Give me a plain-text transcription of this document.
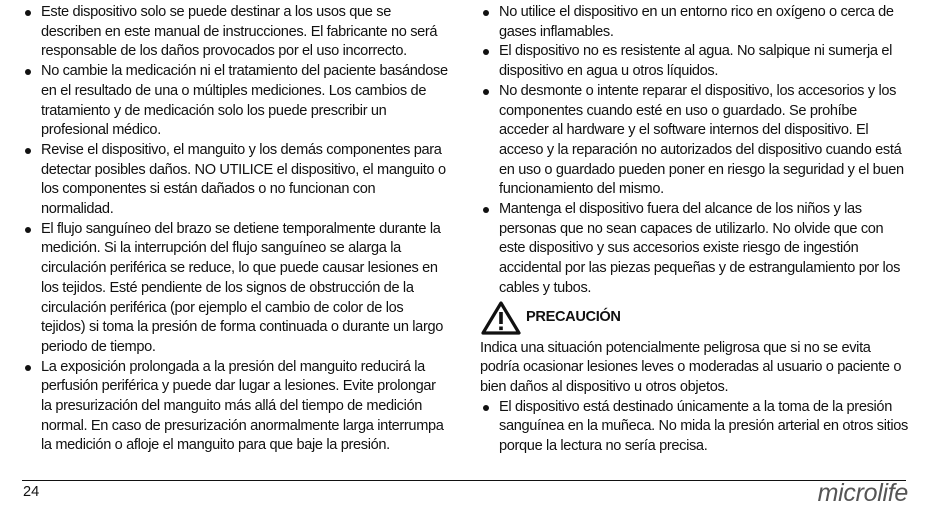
Este dispositivo solo se puede destinar a los usos que se describen en este manual de instrucciones. El fabricante no será responsable de los daños provocados por el uso incorrecto.
No cambie la medicación ni el tratamiento del paciente basándose en el resultado de una o múltiples mediciones. Los cambios de tratamiento y de medicación solo los puede prescribir un profesional médico.
Revise el dispositivo, el manguito y los demás componentes para detectar posibles daños. NO UTILICE el dispositivo, el manguito o los componentes si están dañados o no funcionan con normalidad.
El flujo sanguíneo del brazo se detiene temporalmente durante la medición. Si la interrupción del flujo sanguíneo se alarga la circulación periférica se reduce, lo que puede causar lesiones en los tejidos. Esté pendiente de los signos de obstrucción de la circulación periférica (por ejemplo el cambio de color de los tejidos) si toma la presión de forma continuada o durante un largo periodo de tiempo.
La exposición prolongada a la presión del manguito reducirá la perfusión periférica y puede dar lugar a lesiones. Evite prolongar la presurización del manguito más allá del tiempo de medición normal. En caso de presurización anormalmente larga interrumpa la medición o afloje el manguito para que baje la presión.
No utilice el dispositivo en un entorno rico en oxígeno o cerca de gases inflamables.
El dispositivo no es resistente al agua. No salpique ni sumerja el dispositivo en agua u otros líquidos.
No desmonte o intente reparar el dispositivo, los accesorios y los componentes cuando esté en uso o guardado. Se prohíbe acceder al hardware y el software internos del dispositivo. El acceso y la reparación no autorizados del dispositivo cuando está en uso o guardado pueden poner en riesgo la seguridad y el buen funcionamiento del mismo.
Mantenga el dispositivo fuera del alcance de los niños y las personas que no sean capaces de utilizarlo. No olvide que con este dispositivo y sus accesorios existe riesgo de ingestión accidental por las piezas pequeñas y de estrangulamiento por los cables y tubos.
PRECAUCIÓN

Indica una situación potencialmente peligrosa que si no se evita podría ocasionar lesiones leves o moderadas al usuario o paciente o bien daños al dispositivo u otros objetos.

El dispositivo está destinado únicamente a la toma de la presión sanguínea en la muñeca. No mida la presión arterial en otros sitios porque la lectura no sería precisa.
24	microlife
